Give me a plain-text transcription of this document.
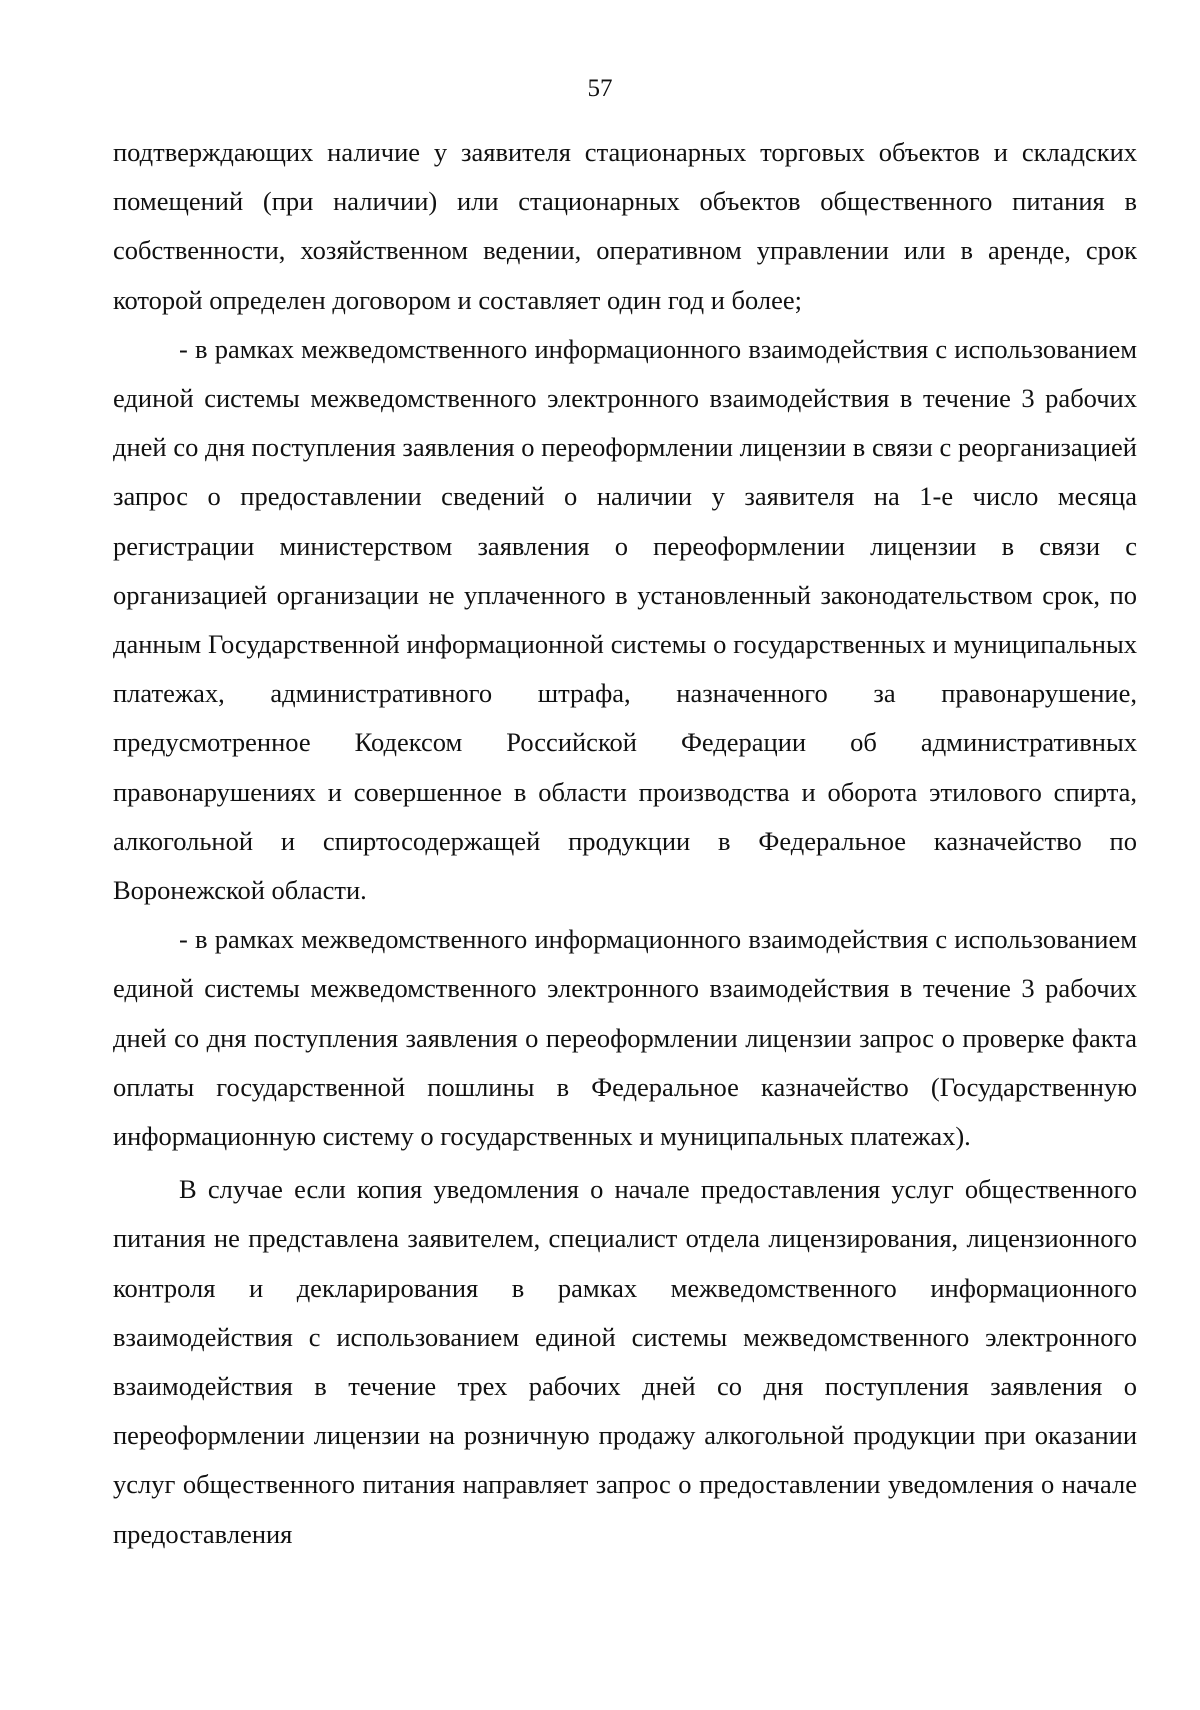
57

подтверждающих наличие у заявителя стационарных торговых объектов и складских помещений (при наличии) или стационарных объектов общественного питания в собственности, хозяйственном ведении, оперативном управлении или в аренде, срок которой определен договором и составляет один год и более;

- в рамках межведомственного информационного взаимодействия с использованием единой системы межведомственного электронного взаимодействия в течение 3 рабочих дней со дня поступления заявления о переоформлении лицензии в связи с реорганизацией запрос о предоставлении сведений о наличии у заявителя на 1-е число месяца регистрации министерством заявления о переоформлении лицензии в связи с организацией организации не уплаченного в установленный законодательством срок, по данным Государственной информационной системы о государственных и муниципальных платежах, административного штрафа, назначенного за правонарушение, предусмотренное Кодексом Российской Федерации об административных правонарушениях и совершенное в области производства и оборота этилового спирта, алкогольной и спиртосодержащей продукции в Федеральное казначейство по Воронежской области.

- в рамках межведомственного информационного взаимодействия с использованием единой системы межведомственного электронного взаимодействия в течение 3 рабочих дней со дня поступления заявления о переоформлении лицензии запрос о проверке факта оплаты государственной пошлины в Федеральное казначейство (Государственную информационную систему о государственных и муниципальных платежах).

В случае если копия уведомления о начале предоставления услуг общественного питания не представлена заявителем, специалист отдела лицензирования, лицензионного контроля и декларирования в рамках межведомственного информационного взаимодействия с использованием единой системы межведомственного электронного взаимодействия в течение трех рабочих дней со дня поступления заявления о переоформлении лицензии на розничную продажу алкогольной продукции при оказании услуг общественного питания направляет запрос о предоставлении уведомления о начале предоставления
